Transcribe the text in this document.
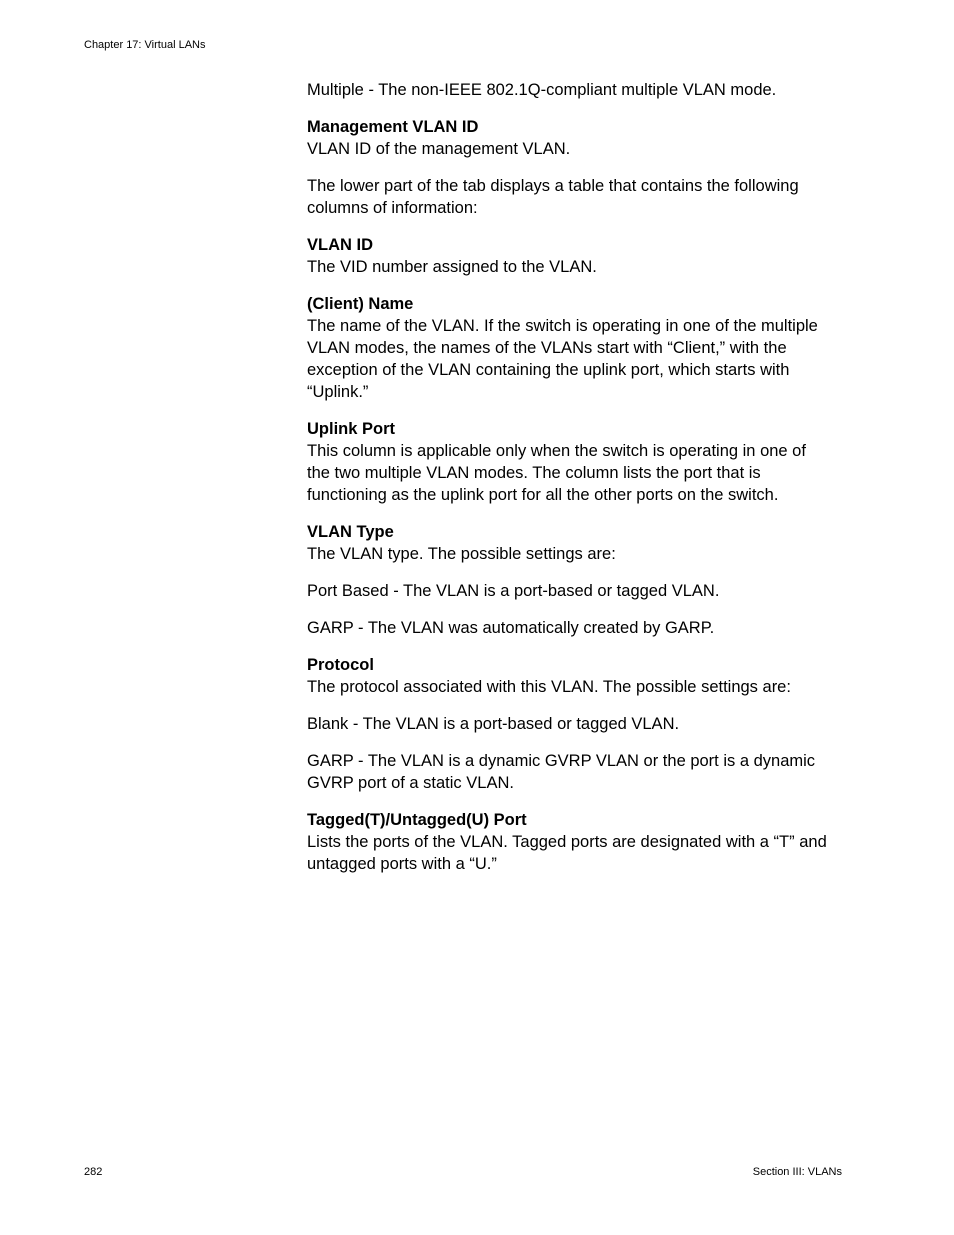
Chapter 17: Virtual LANs

Multiple - The non-IEEE 802.1Q-compliant multiple VLAN mode.

Management VLAN ID
VLAN ID of the management VLAN.

The lower part of the tab displays a table that contains the following columns of information:

VLAN ID
The VID number assigned to the VLAN.
(Client) Name
The name of the VLAN. If the switch is operating in one of the multiple VLAN modes, the names of the VLANs start with “Client,” with the exception of the VLAN containing the uplink port, which starts with “Uplink.”
Uplink Port
This column is applicable only when the switch is operating in one of the two multiple VLAN modes. The column lists the port that is functioning as the uplink port for all the other ports on the switch.
VLAN Type
The VLAN type. The possible settings are:

Port Based - The VLAN is a port-based or tagged VLAN.

GARP - The VLAN was automatically created by GARP.

Protocol
The protocol associated with this VLAN. The possible settings are:

Blank - The VLAN is a port-based or tagged VLAN.

GARP - The VLAN is a dynamic GVRP VLAN or the port is a dynamic GVRP port of a static VLAN.

Tagged(T)/Untagged(U) Port
Lists the ports of the VLAN. Tagged ports are designated with a “T” and untagged ports with a “U.”
282	Section III: VLANs
